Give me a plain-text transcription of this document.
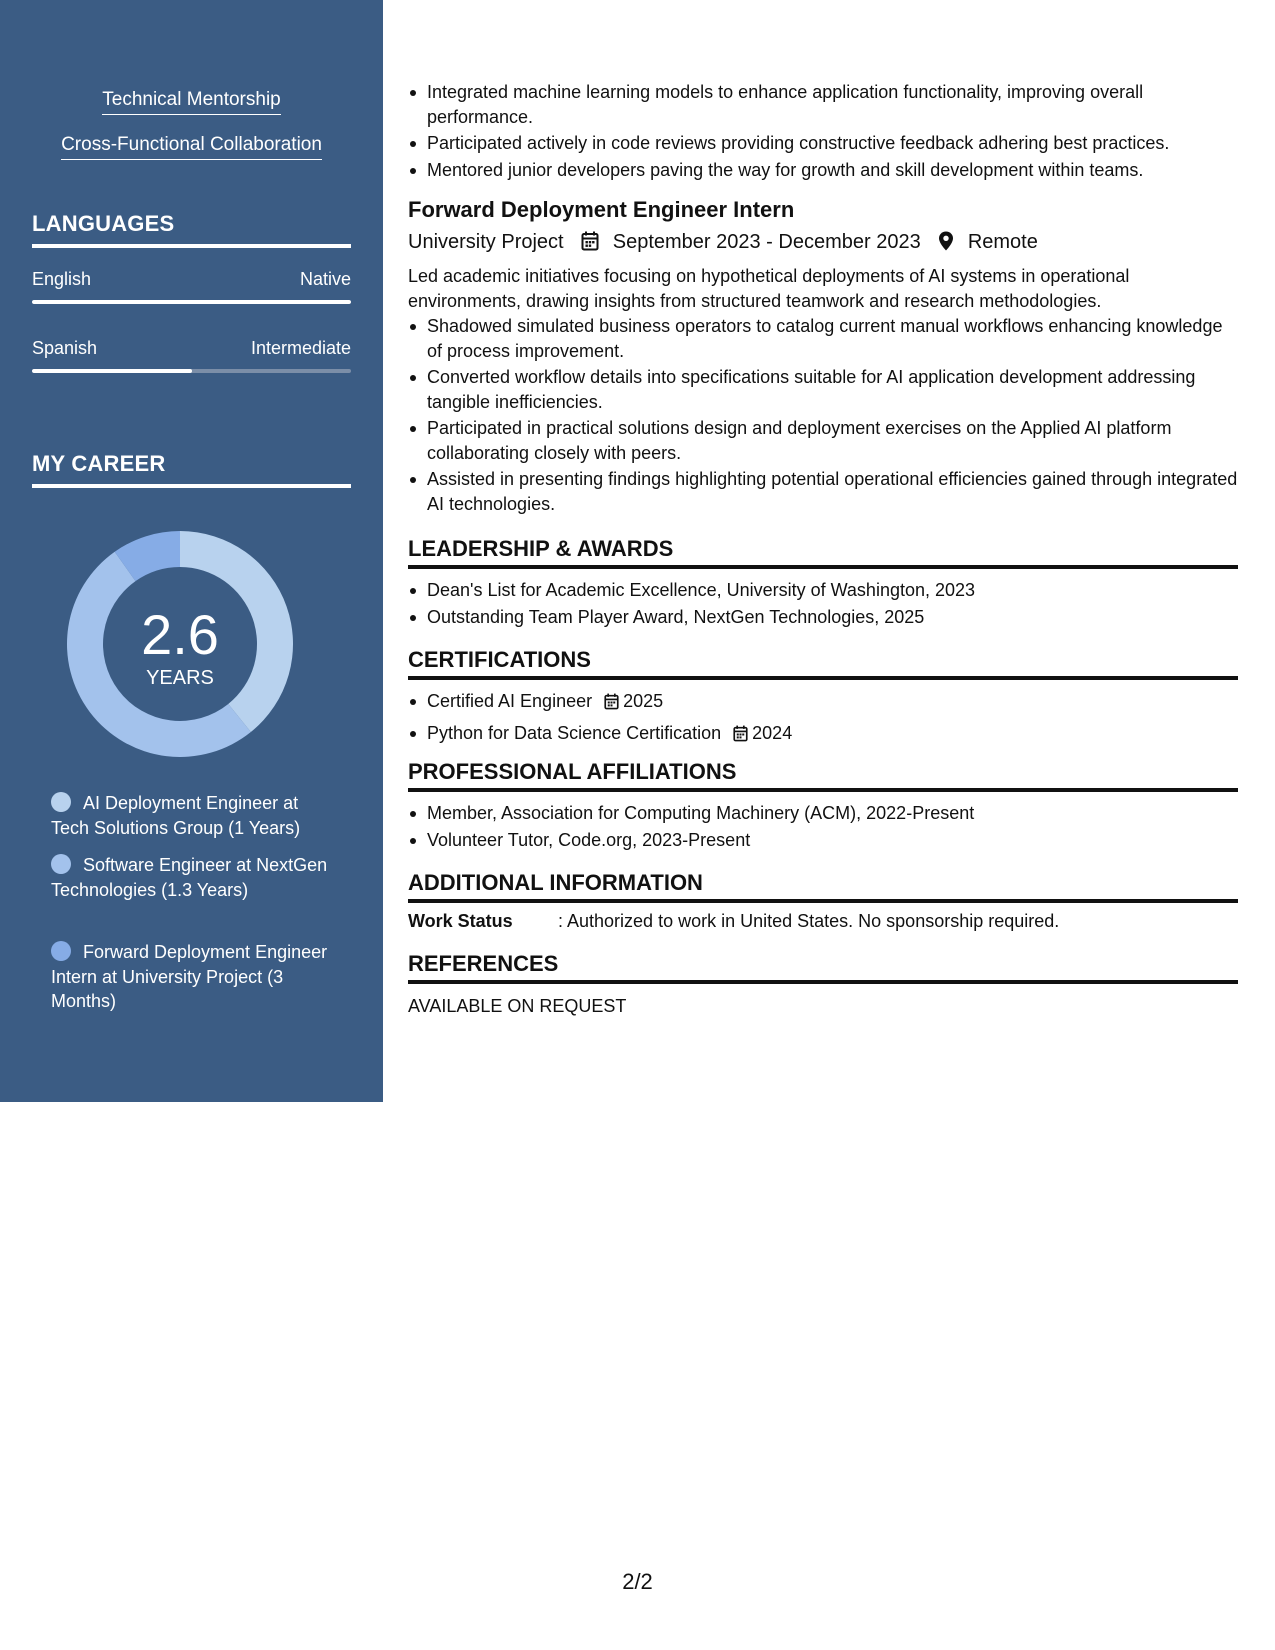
Technical Mentorship
Cross-Functional Collaboration
LANGUAGES
English	Native
Spanish	Intermediate
MY CAREER
2.6
YEARS
AI Deployment Engineer at Tech Solutions Group (1 Years)
Software Engineer at NextGen Technologies (1.3 Years)
Forward Deployment Engineer Intern at University Project (3 Months)
Integrated machine learning models to enhance application functionality, improving overall performance.
Participated actively in code reviews providing constructive feedback adhering best practices.
Mentored junior developers paving the way for growth and skill development within teams.
Forward Deployment Engineer Intern
University Project September 2023 - December 2023 Remote

Led academic initiatives focusing on hypothetical deployments of AI systems in operational environments, drawing insights from structured teamwork and research methodologies.

Shadowed simulated business operators to catalog current manual workflows enhancing knowledge of process improvement.
Converted workflow details into specifications suitable for AI application development addressing tangible inefficiencies.
Participated in practical solutions design and deployment exercises on the Applied AI platform collaborating closely with peers.
Assisted in presenting findings highlighting potential operational efficiencies gained through integrated AI technologies.
LEADERSHIP & AWARDS
Dean's List for Academic Excellence, University of Washington, 2023
Outstanding Team Player Award, NextGen Technologies, 2025
CERTIFICATIONS
Certified AI Engineer 2025
Python for Data Science Certification 2024
PROFESSIONAL AFFILIATIONS
Member, Association for Computing Machinery (ACM), 2022-Present
Volunteer Tutor, Code.org, 2023-Present
ADDITIONAL INFORMATION
Work Status	: Authorized to work in United States. No sponsorship required.
REFERENCES
AVAILABLE ON REQUEST
2/2
